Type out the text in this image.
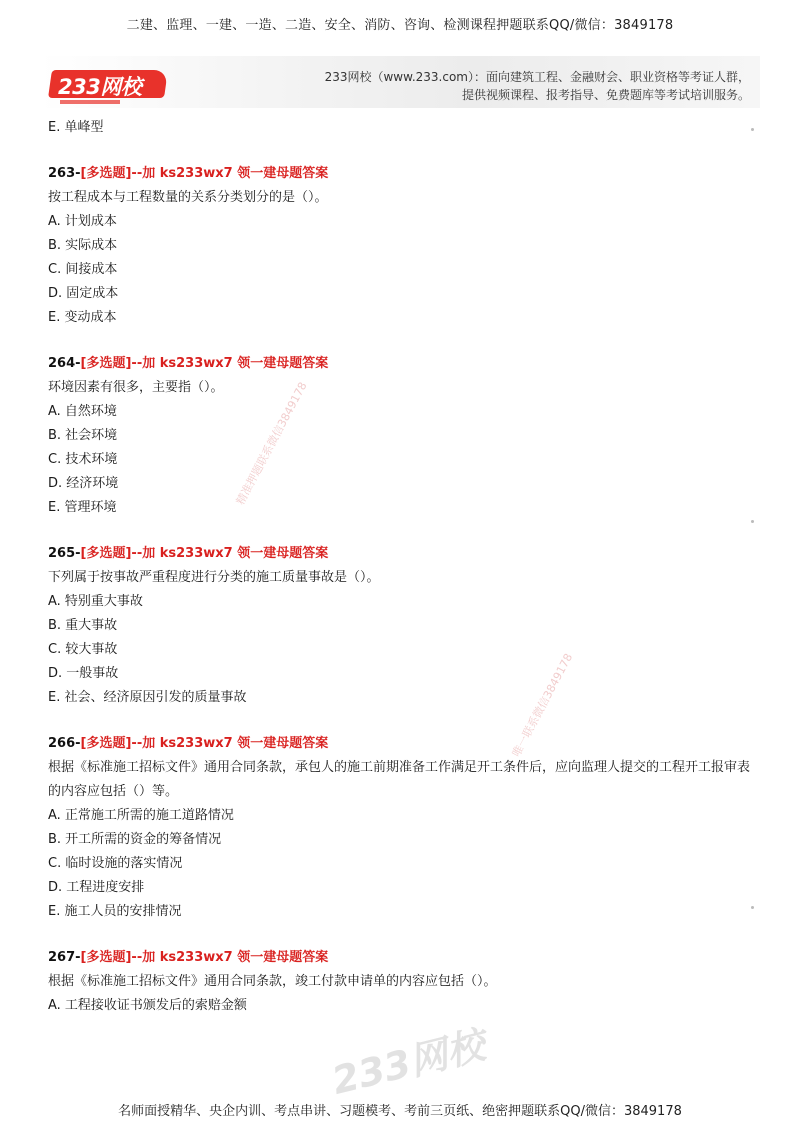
二建、监理、一建、一造、二造、安全、消防、咨询、检测课程押题联系QQ/微信：3849178
233网校	233网校（www.233.com）：面向建筑工程、金融财会、职业资格等考证人群，
提供视频课程、报考指导、免费题库等考试培训服务。

E. 单峰型

263-[多选题]--加 ks233wx7 领一建母题答案

按工程成本与工程数量的关系分类划分的是（）。

A. 计划成本

B. 实际成本

C. 间接成本

D. 固定成本

E. 变动成本

264-[多选题]--加 ks233wx7 领一建母题答案

环境因素有很多，主要指（）。

A. 自然环境

B. 社会环境

C. 技术环境

D. 经济环境

E. 管理环境

265-[多选题]--加 ks233wx7 领一建母题答案

下列属于按事故严重程度进行分类的施工质量事故是（）。

A. 特别重大事故

B. 重大事故

C. 较大事故

D. 一般事故

E. 社会、经济原因引发的质量事故

266-[多选题]--加 ks233wx7 领一建母题答案

根据《标准施工招标文件》通用合同条款，承包人的施工前期准备工作满足开工条件后，应向监理人提交的工程开工报审表的内容应包括（）等。

A. 正常施工所需的施工道路情况

B. 开工所需的资金的筹备情况

C. 临时设施的落实情况

D. 工程进度安排

E. 施工人员的安排情况

267-[多选题]--加 ks233wx7 领一建母题答案

根据《标准施工招标文件》通用合同条款，竣工付款申请单的内容应包括（）。

A. 工程接收证书颁发后的索赔金额

精准押题联系微信3849178
唯一联系微信3849178
233网校
名师面授精华、央企内训、考点串讲、习题模考、考前三页纸、绝密押题联系QQ/微信：3849178
